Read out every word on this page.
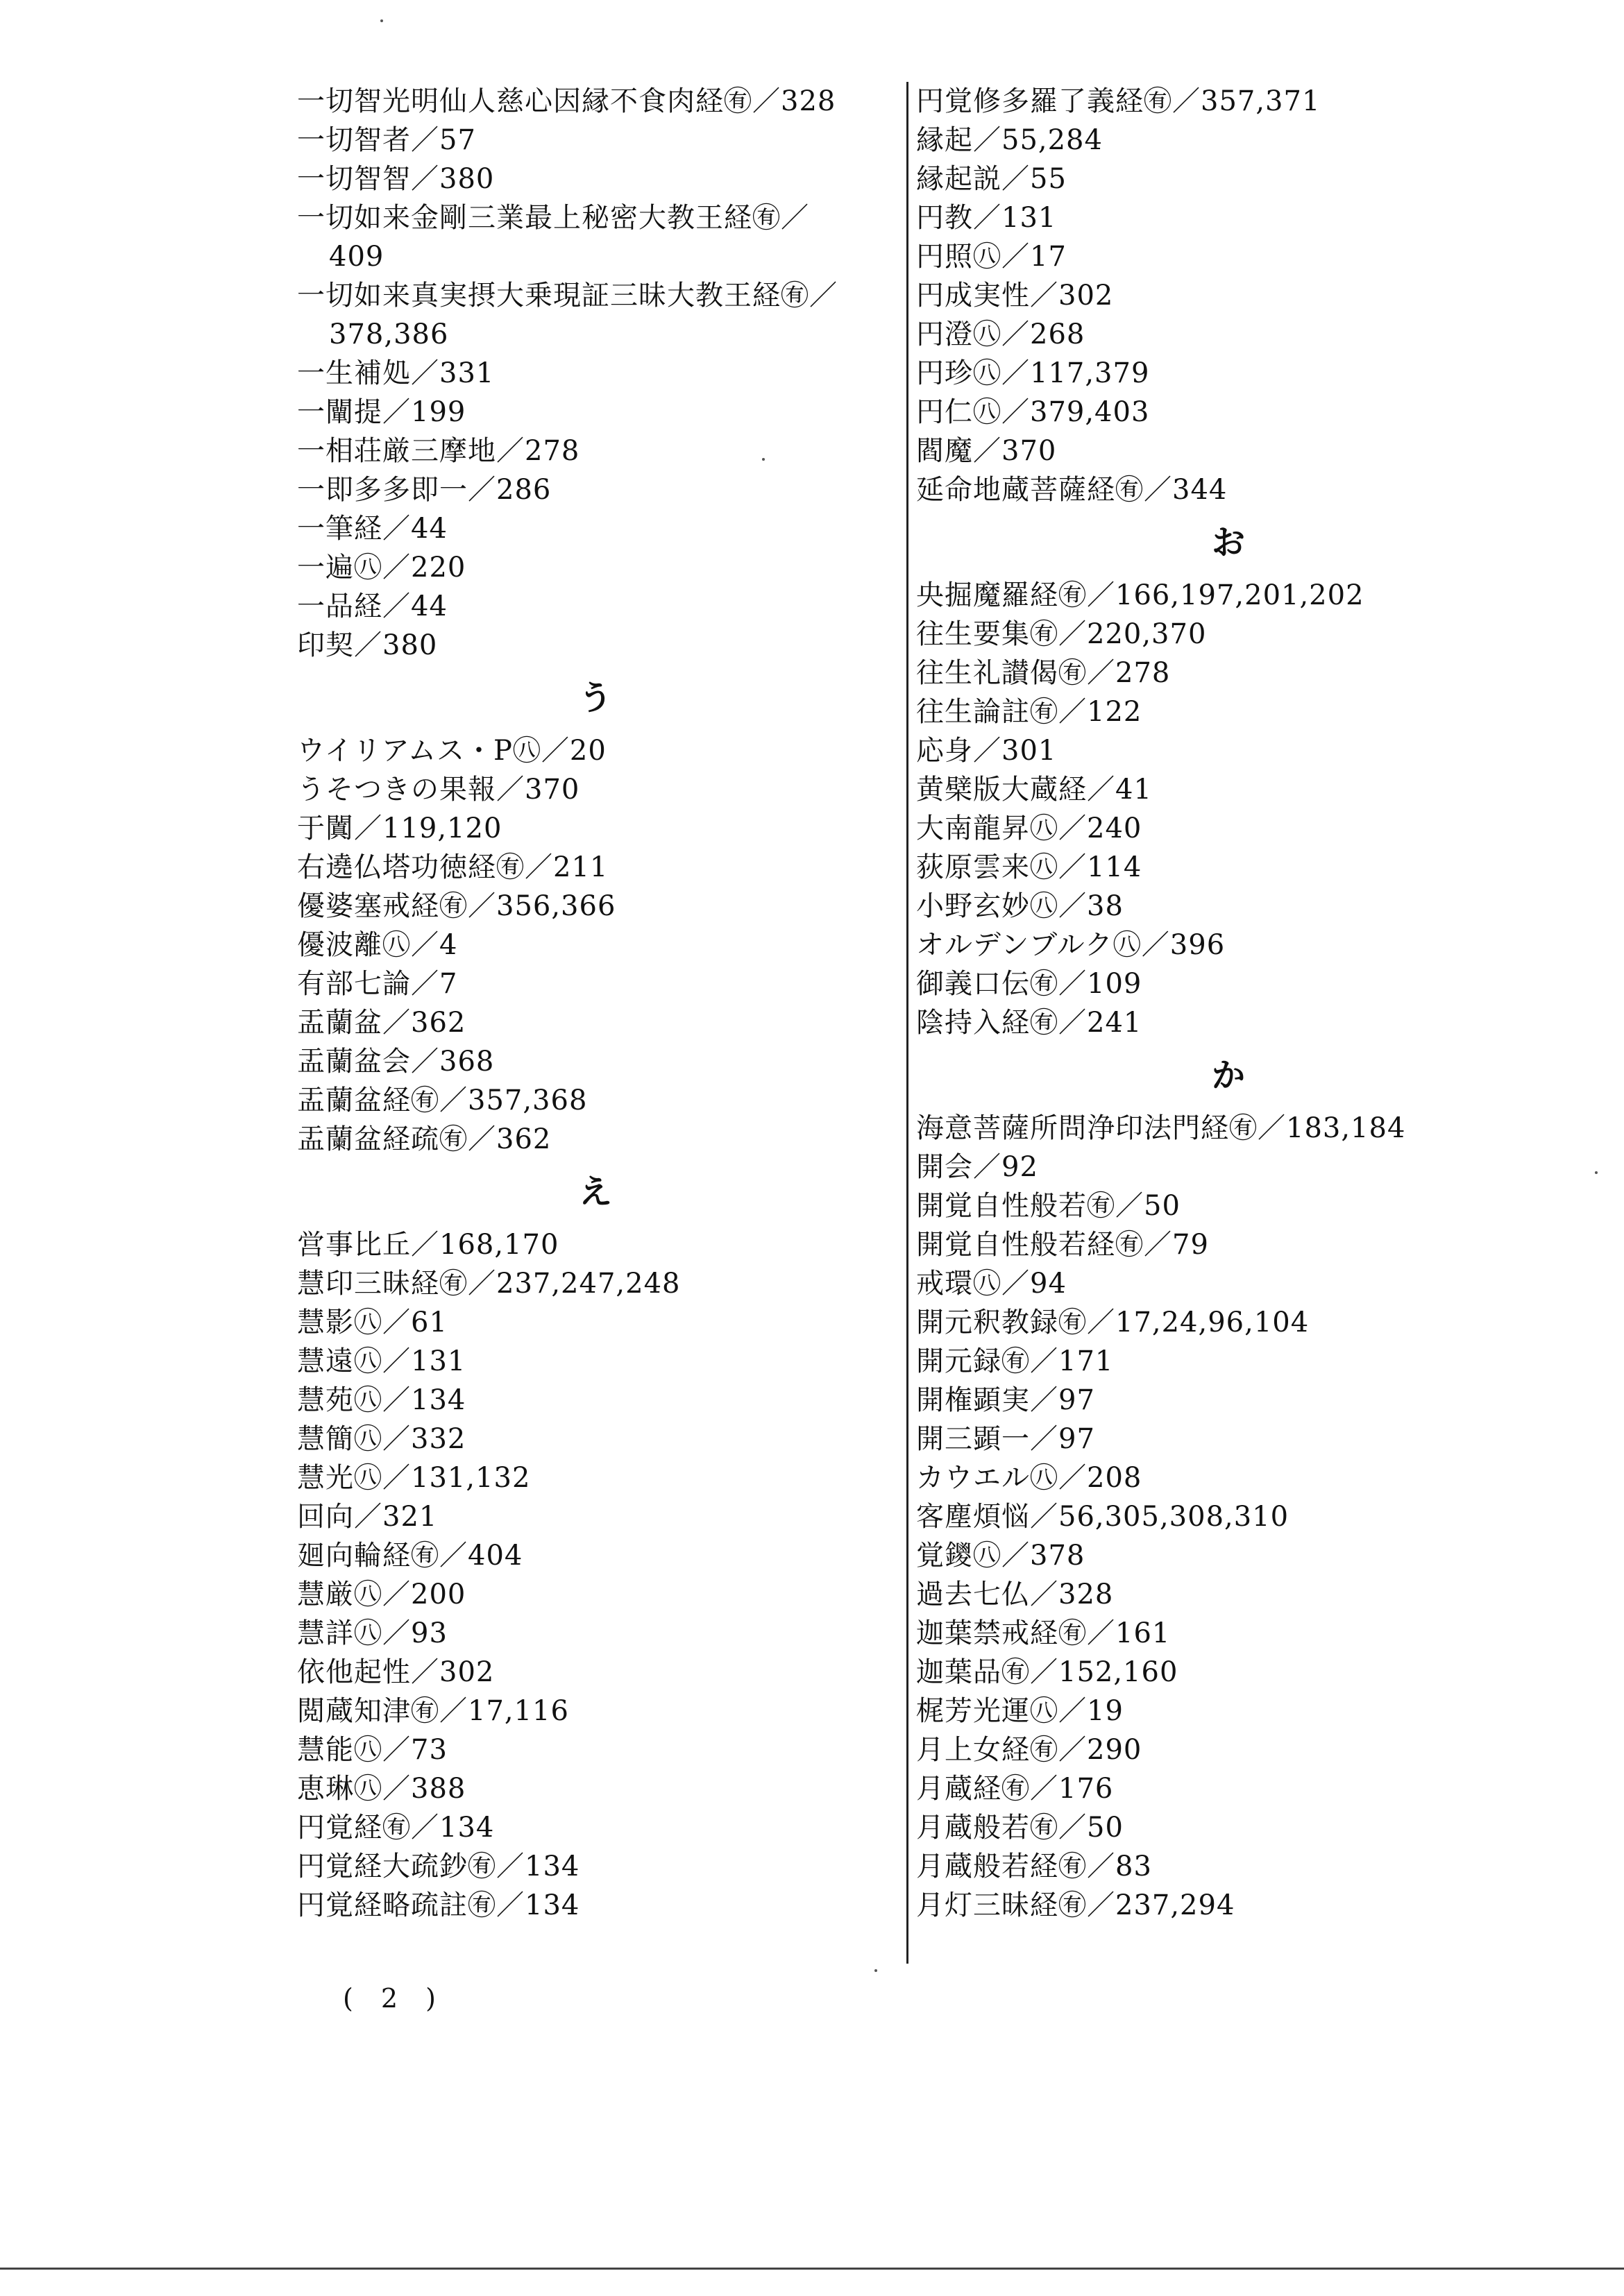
一切智光明仙人慈心因縁不食肉経㊒／328
一切智者／57
一切智智／380
一切如来金剛三業最上秘密大教王経㊒／
409
一切如来真実摂大乗現証三昧大教王経㊒／
378,386
一生補処／331
一闡提／199
一相荘厳三摩地／278
一即多多即一／286
一筆経／44
一遍㊇／220
一品経／44
印契／380
う
ウイリアムス・P㊇／20
うそつきの果報／370
于闐／119,120
右遶仏塔功徳経㊒／211
優婆塞戒経㊒／356,366
優波離㊇／4
有部七論／7
盂蘭盆／362
盂蘭盆会／368
盂蘭盆経㊒／357,368
盂蘭盆経疏㊒／362
え
営事比丘／168,170
慧印三昧経㊒／237,247,248
慧影㊇／61
慧遠㊇／131
慧苑㊇／134
慧簡㊇／332
慧光㊇／131,132
回向／321
廻向輪経㊒／404
慧厳㊇／200
慧詳㊇／93
依他起性／302
閲蔵知津㊒／17,116
慧能㊇／73
恵琳㊇／388
円覚経㊒／134
円覚経大疏鈔㊒／134
円覚経略疏註㊒／134
円覚修多羅了義経㊒／357,371
縁起／55,284
縁起説／55
円教／131
円照㊇／17
円成実性／302
円澄㊇／268
円珍㊇／117,379
円仁㊇／379,403
閻魔／370
延命地蔵菩薩経㊒／344
お
央掘魔羅経㊒／166,197,201,202
往生要集㊒／220,370
往生礼讃偈㊒／278
往生論註㊒／122
応身／301
黄檗版大蔵経／41
大南龍昇㊇／240
荻原雲来㊇／114
小野玄妙㊇／38
オルデンブルク㊇／396
御義口伝㊒／109
陰持入経㊒／241
か
海意菩薩所問浄印法門経㊒／183,184
開会／92
開覚自性般若㊒／50
開覚自性般若経㊒／79
戒環㊇／94
開元釈教録㊒／17,24,96,104
開元録㊒／171
開権顕実／97
開三顕一／97
カウエル㊇／208
客塵煩悩／56,305,308,310
覚鑁㊇／378
過去七仏／328
迦葉禁戒経㊒／161
迦葉品㊒／152,160
梶芳光運㊇／19
月上女経㊒／290
月蔵経㊒／176
月蔵般若㊒／50
月蔵般若経㊒／83
月灯三昧経㊒／237,294
( 2 )
